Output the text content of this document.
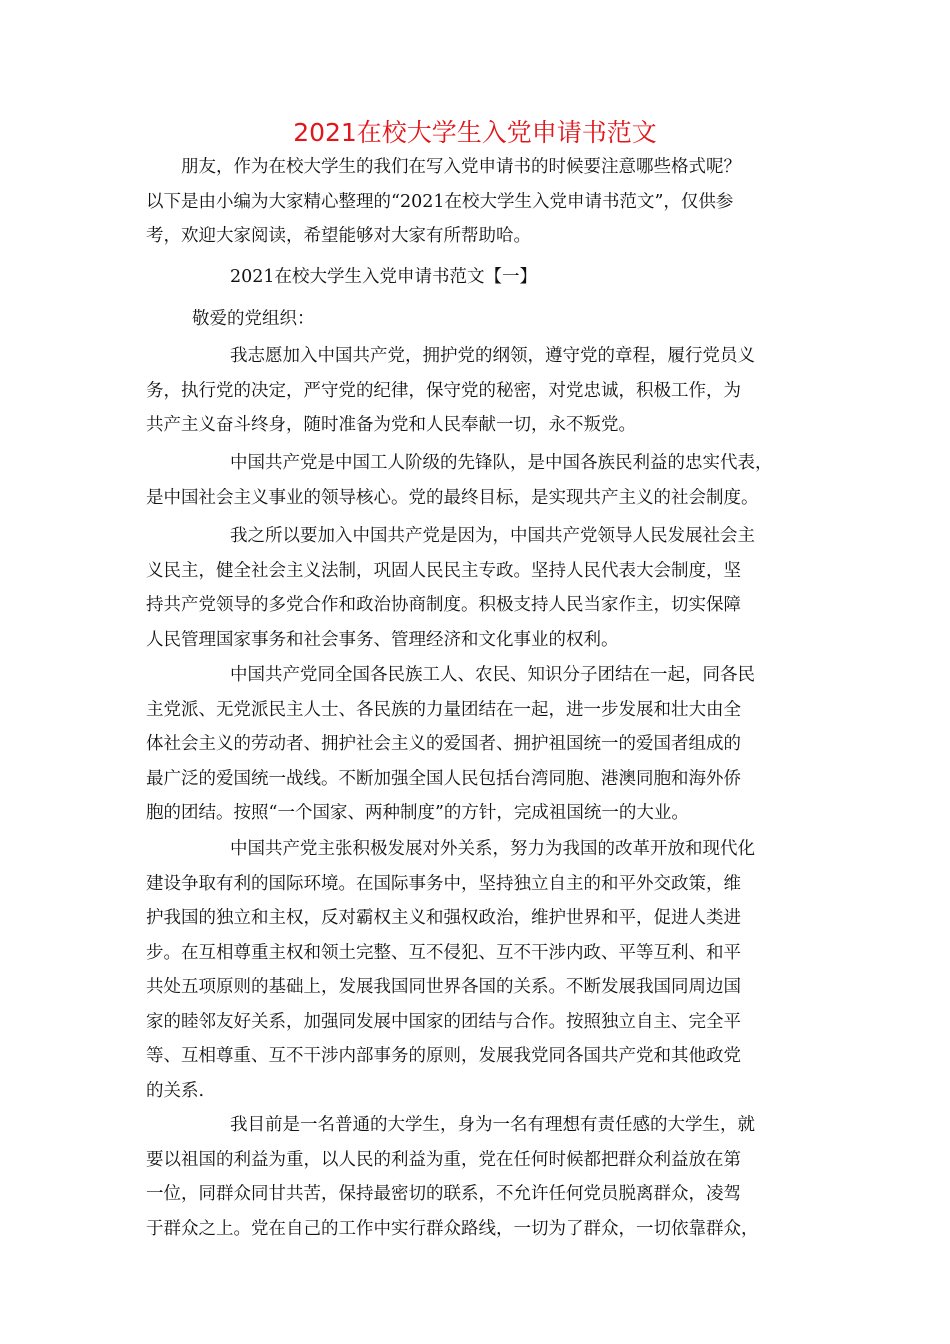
2021在校大学生入党申请书范文
朋友，作为在校大学生的我们在写入党申请书的时候要注意哪些格式呢？
以下是由小编为大家精心整理的“2021在校大学生入党申请书范文”，仅供参
考，欢迎大家阅读，希望能够对大家有所帮助哈。
2021在校大学生入党申请书范文【一】
敬爱的党组织：
我志愿加入中国共产党，拥护党的纲领，遵守党的章程，履行党员义
务，执行党的决定，严守党的纪律，保守党的秘密，对党忠诚，积极工作，为
共产主义奋斗终身，随时准备为党和人民奉献一切，永不叛党。
中国共产党是中国工人阶级的先锋队，是中国各族民利益的忠实代表，
是中国社会主义事业的领导核心。党的最终目标，是实现共产主义的社会制度。
我之所以要加入中国共产党是因为，中国共产党领导人民发展社会主
义民主，健全社会主义法制，巩固人民民主专政。坚持人民代表大会制度，坚
持共产党领导的多党合作和政治协商制度。积极支持人民当家作主，切实保障
人民管理国家事务和社会事务、管理经济和文化事业的权利。
中国共产党同全国各民族工人、农民、知识分子团结在一起，同各民
主党派、无党派民主人士、各民族的力量团结在一起，进一步发展和壮大由全
体社会主义的劳动者、拥护社会主义的爱国者、拥护祖国统一的爱国者组成的
最广泛的爱国统一战线。不断加强全国人民包括台湾同胞、港澳同胞和海外侨
胞的团结。按照“一个国家、两种制度”的方针，完成祖国统一的大业。
中国共产党主张积极发展对外关系，努力为我国的改革开放和现代化
建设争取有利的国际环境。在国际事务中，坚持独立自主的和平外交政策，维
护我国的独立和主权，反对霸权主义和强权政治，维护世界和平，促进人类进
步。在互相尊重主权和领土完整、互不侵犯、互不干涉内政、平等互利、和平
共处五项原则的基础上，发展我国同世界各国的关系。不断发展我国同周边国
家的睦邻友好关系，加强同发展中国家的团结与合作。按照独立自主、完全平
等、互相尊重、互不干涉内部事务的原则，发展我党同各国共产党和其他政党
的关系.
我目前是一名普通的大学生，身为一名有理想有责任感的大学生，就
要以祖国的利益为重，以人民的利益为重，党在任何时候都把群众利益放在第
一位，同群众同甘共苦，保持最密切的联系，不允许任何党员脱离群众，凌驾
于群众之上。党在自己的工作中实行群众路线，一切为了群众，一切依靠群众，
